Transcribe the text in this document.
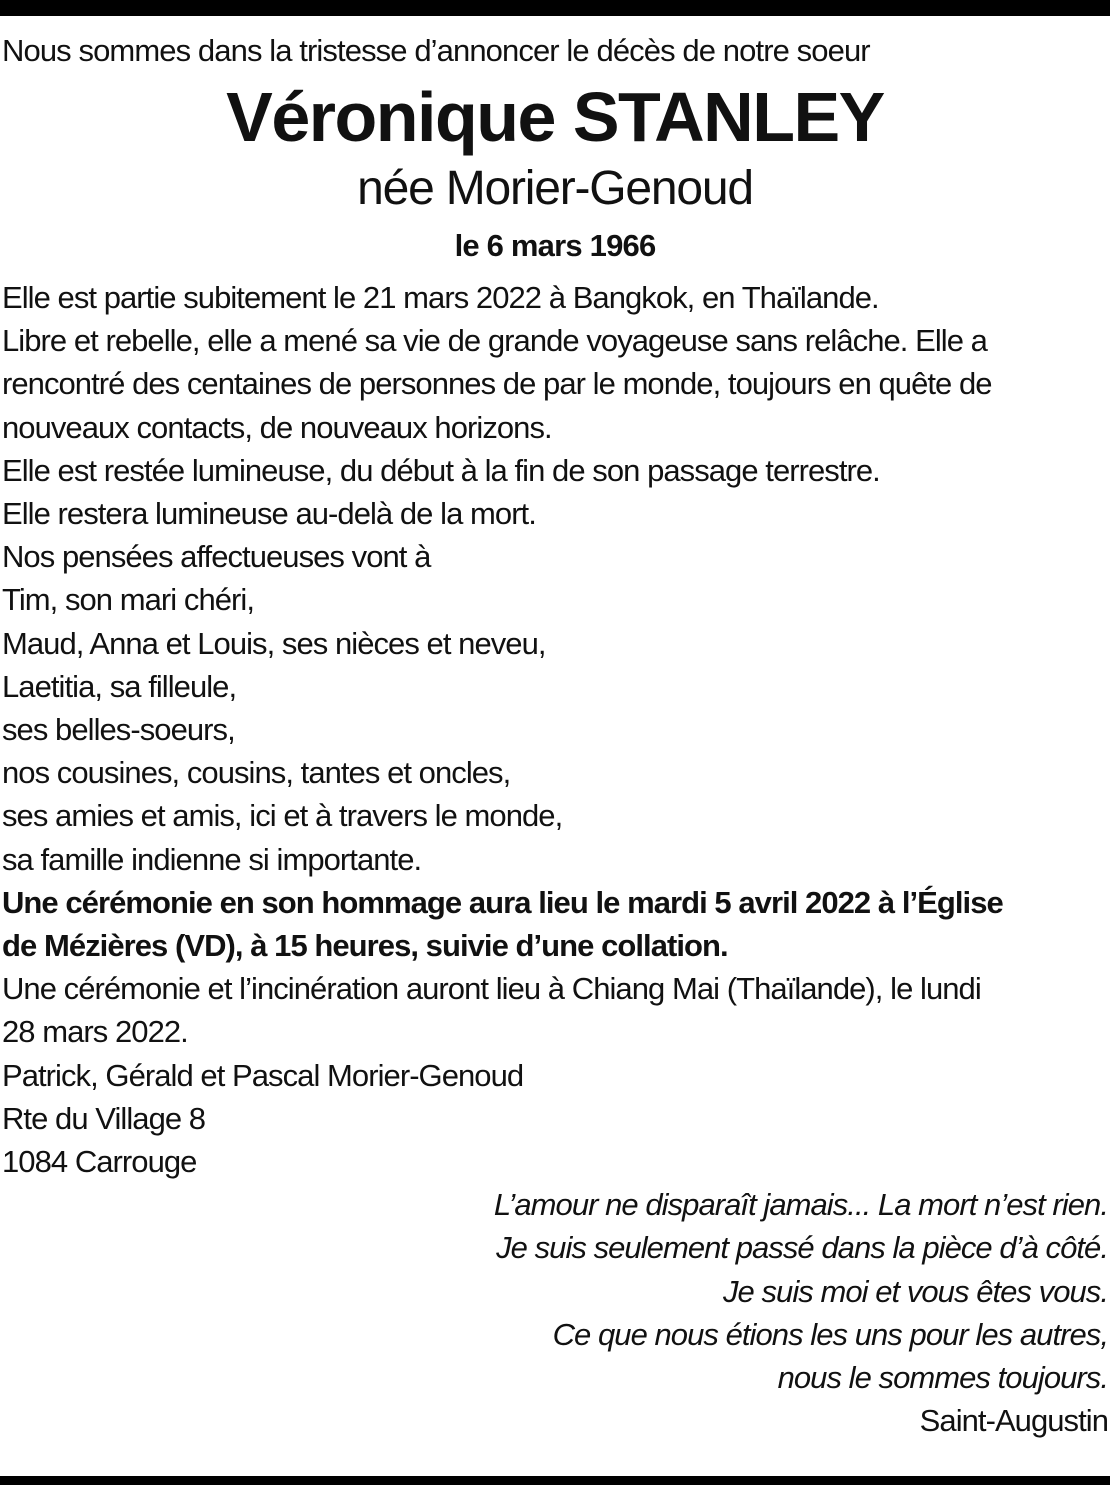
Nous sommes dans la tristesse d’annoncer le décès de notre soeur
Véronique STANLEY
née Morier-Genoud
le 6 mars 1966
Elle est partie subitement le 21 mars 2022 à Bangkok, en Thaïlande.
Libre et rebelle, elle a mené sa vie de grande voyageuse sans relâche. Elle a
rencontré des centaines de personnes de par le monde, toujours en quête de
nouveaux contacts, de nouveaux horizons.
Elle est restée lumineuse, du début à la fin de son passage terrestre.
Elle restera lumineuse au-delà de la mort.
Nos pensées affectueuses vont à
Tim, son mari chéri,
Maud, Anna et Louis, ses nièces et neveu,
Laetitia, sa filleule,
ses belles-soeurs,
nos cousines, cousins, tantes et oncles,
ses amies et amis, ici et à travers le monde,
sa famille indienne si importante.
Une cérémonie en son hommage aura lieu le mardi 5 avril 2022 à l’Église
de Mézières (VD), à 15 heures, suivie d’une collation.
Une cérémonie et l’incinération auront lieu à Chiang Mai (Thaïlande), le lundi
28 mars 2022.
Patrick, Gérald et Pascal Morier-Genoud
Rte du Village 8
1084 Carrouge
L’amour ne disparaît jamais... La mort n’est rien.
Je suis seulement passé dans la pièce d’à côté.
Je suis moi et vous êtes vous.
Ce que nous étions les uns pour les autres,
nous le sommes toujours.
Saint-Augustin
